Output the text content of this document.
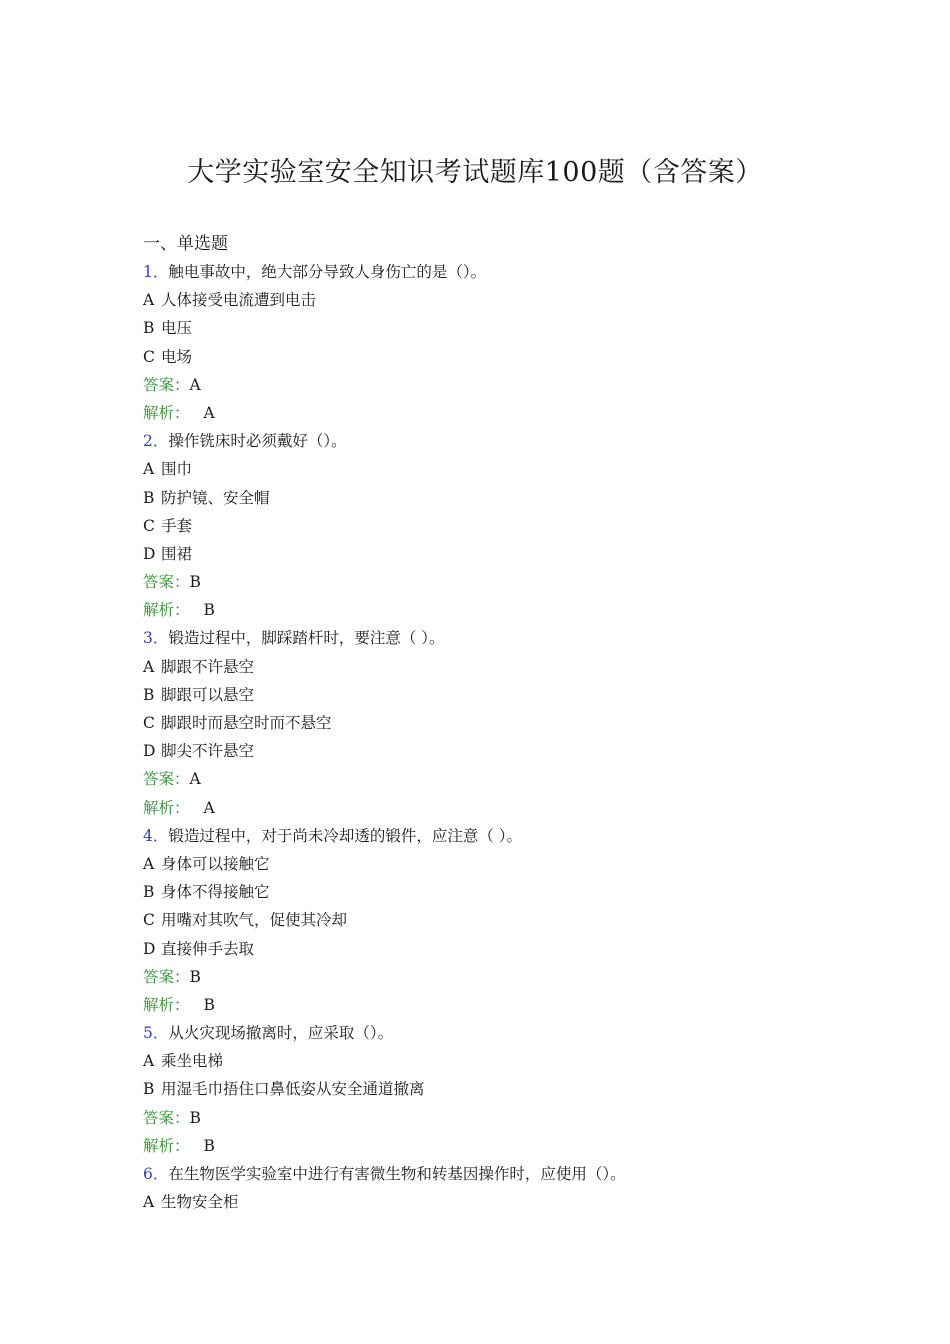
大学实验室安全知识考试题库100题（含答案）
一、单选题
1．触电事故中，绝大部分导致人身伤亡的是（）。
A 人体接受电流遭到电击
B 电压
C 电场
答案：A
解析： A
2．操作铣床时必须戴好（）。
A 围巾
B 防护镜、安全帽
C 手套
D 围裙
答案：B
解析： B
3．锻造过程中，脚踩踏杆时，要注意（ ）。
A 脚跟不许悬空
B 脚跟可以悬空
C 脚跟时而悬空时而不悬空
D 脚尖不许悬空
答案：A
解析： A
4．锻造过程中，对于尚未冷却透的锻件，应注意（ ）。
A 身体可以接触它
B 身体不得接触它
C 用嘴对其吹气，促使其冷却
D 直接伸手去取
答案：B
解析： B
5．从火灾现场撤离时，应采取（）。
A 乘坐电梯
B 用湿毛巾捂住口鼻低姿从安全通道撤离
答案：B
解析： B
6．在生物医学实验室中进行有害微生物和转基因操作时，应使用（）。
A 生物安全柜
